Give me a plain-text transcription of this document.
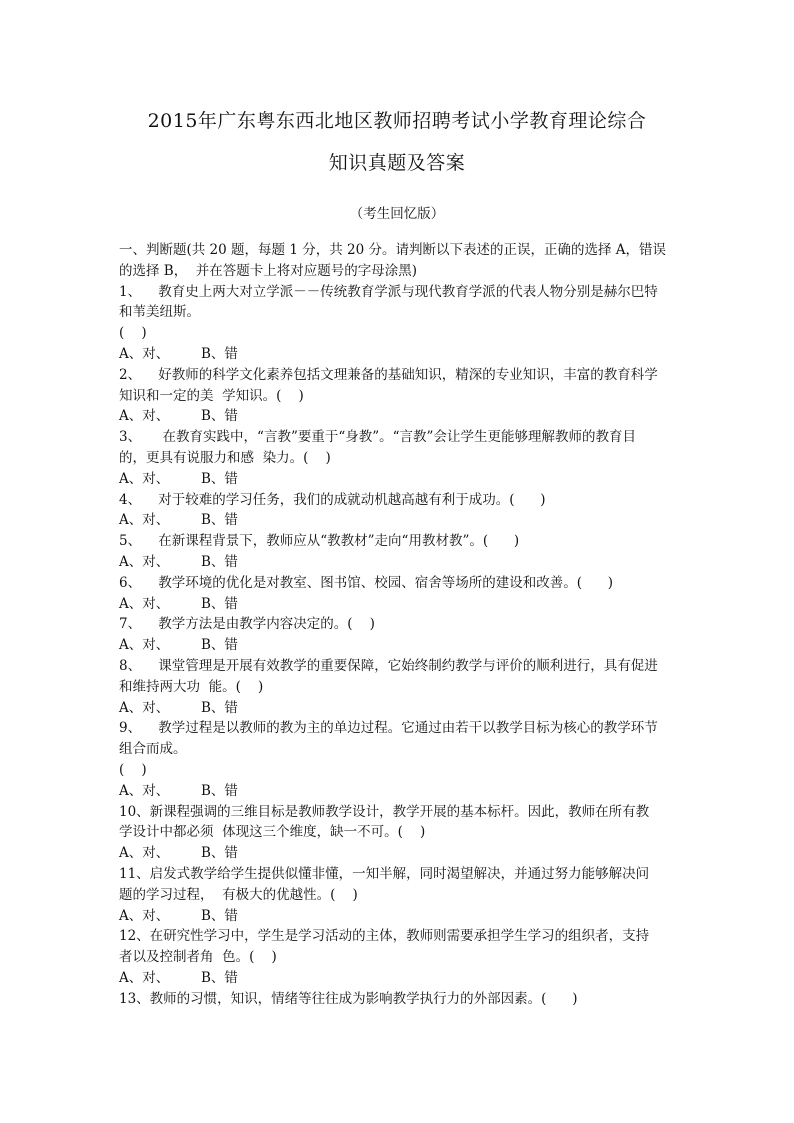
2015年广东粤东西北地区教师招聘考试小学教育理论综合
知识真题及答案
（考生回忆版）
一、判断题(共 20 题，每题 1 分，共 20 分。请判断以下表述的正误，正确的选择 A，错误
的选择 B，  并在答题卡上将对应题号的字母涂黑)
1、    教育史上两大对立学派－－传统教育学派与现代教育学派的代表人物分别是赫尔巴特
和苇美纽斯。
(    )
A、对、 B、错
2、    好教师的科学文化素养包括文理兼备的基础知识，精深的专业知识，丰富的教育科学
知识和一定的美  学知识。(    )
A、对、 B、错
3、     在教育实践中，“言教”要重于“身教”。“言教”会让学生更能够理解教师的教育目
的，更具有说服力和感  染力。(    )
A、对、 B、错
4、    对于较难的学习任务，我们的成就动机越高越有利于成功。(      )
A、对、 B、错
5、    在新课程背景下，教师应从“教教材”走向“用教材教”。(      )
A、对、 B、错
6、    教学环境的优化是对教室、图书馆、校园、宿舍等场所的建设和改善。(      )
A、对、 B、错
7、    教学方法是由教学内容决定的。(    )
A、对、 B、错
8、    课堂管理是开展有效教学的重要保障，它始终制约教学与评价的顺利进行，具有促进
和维持两大功  能。(    )
A、对、 B、错
9、    教学过程是以教师的教为主的单边过程。它通过由若干以教学目标为核心的教学环节
组合而成。
(    )
A、对、 B、错
10、新课程强调的三维目标是教师教学设计，教学开展的基本标杆。因此，教师在所有教
学设计中都必须  体现这三个维度，缺一不可。(    )
A、对、 B、错
11、启发式教学给学生提供似懂非懂，一知半解，同时渴望解决，并通过努力能够解决问
题的学习过程，  有极大的优越性。(    )
A、对、 B、错
12、在研究性学习中，学生是学习活动的主体，教师则需要承担学生学习的组织者，支持
者以及控制者角  色。(    )
A、对、 B、错
13、教师的习惯，知识，情绪等往往成为影响教学执行力的外部因素。(      )
